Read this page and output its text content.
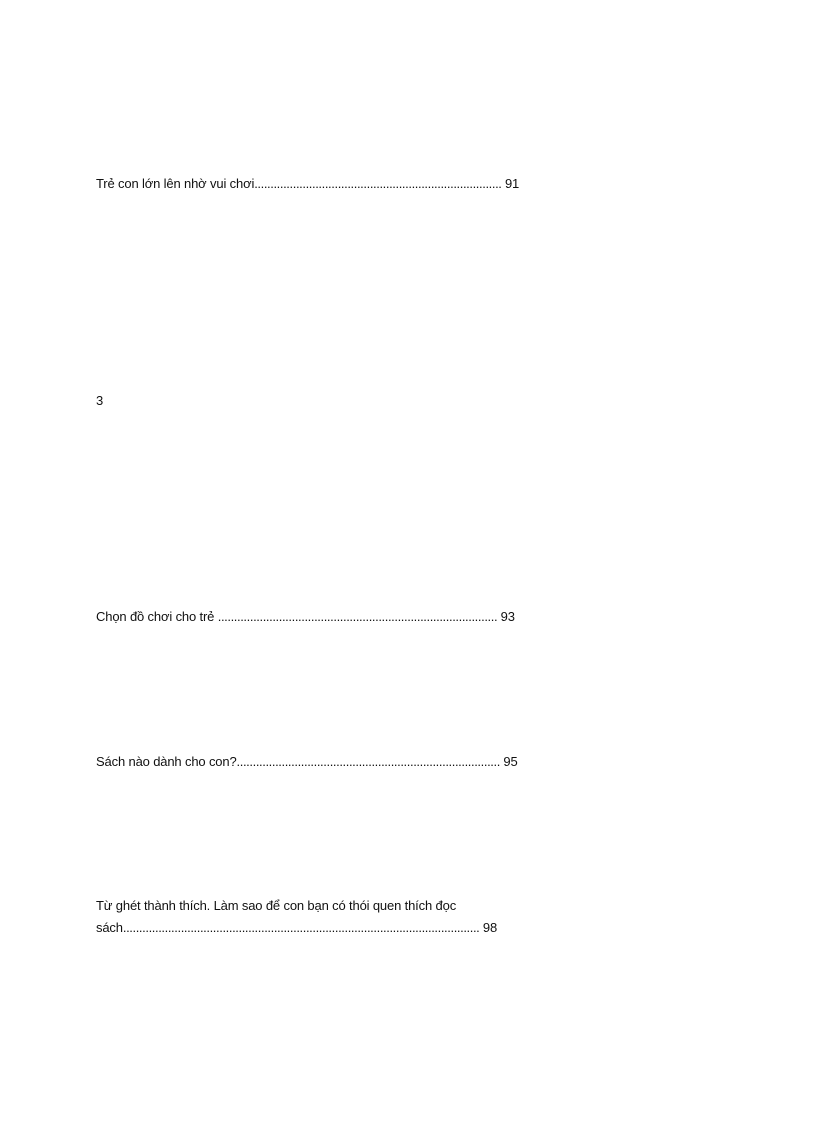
Trẻ con lớn lên nhờ vui chơi............................................................................. 91
3
Chọn đồ chơi cho trẻ ....................................................................................... 93
Sách nào dành cho con?.................................................................................. 95
Từ ghét thành thích. Làm sao để con bạn có thói quen thích đọc
sách............................................................................................................... 98
